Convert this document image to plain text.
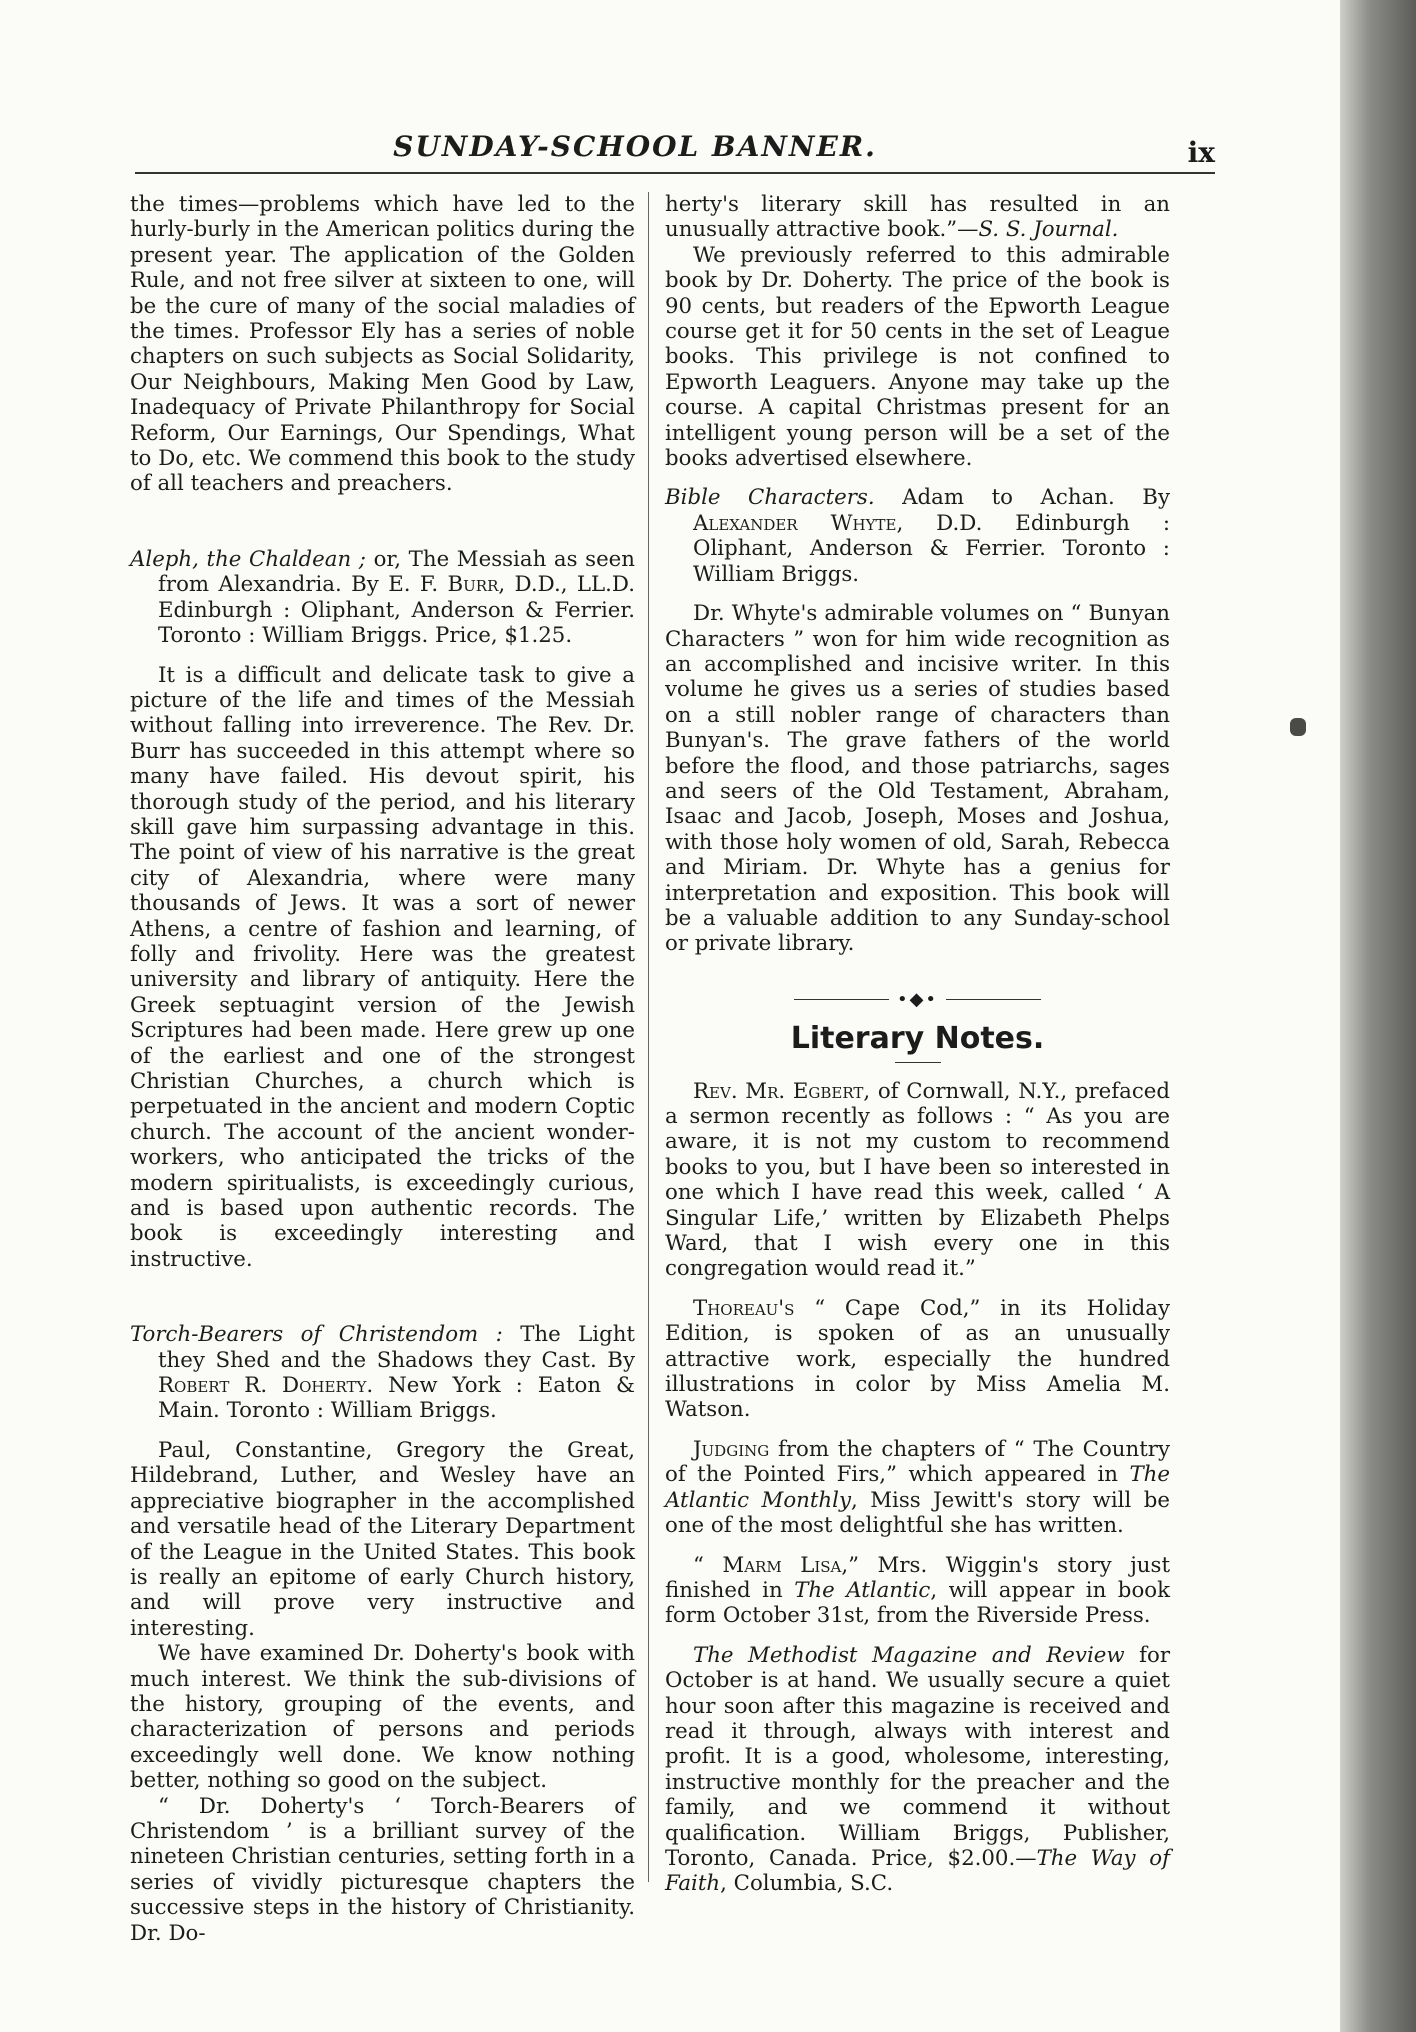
SUNDAY-SCHOOL BANNER.	ix

the times—problems which have led to the hurly-burly in the American politics during the present year. The application of the Golden Rule, and not free silver at sixteen to one, will be the cure of many of the social maladies of the times. Professor Ely has a series of noble chapters on such subjects as Social Solidarity, Our Neighbours, Making Men Good by Law, Inadequacy of Private Philanthropy for Social Reform, Our Earnings, Our Spendings, What to Do, etc. We commend this book to the study of all teachers and preachers.

Aleph, the Chaldean ; or, The Messiah as seen from Alexandria. By E. F. Burr, D.D., LL.D. Edinburgh : Oliphant, Anderson & Ferrier. Toronto : William Briggs. Price, $1.25.

It is a difficult and delicate task to give a picture of the life and times of the Messiah without falling into irreverence. The Rev. Dr. Burr has succeeded in this attempt where so many have failed. His devout spirit, his thorough study of the period, and his literary skill gave him surpassing advantage in this. The point of view of his narrative is the great city of Alexandria, where were many thousands of Jews. It was a sort of newer Athens, a centre of fashion and learning, of folly and frivolity. Here was the greatest university and library of antiquity. Here the Greek septuagint version of the Jewish Scriptures had been made. Here grew up one of the earliest and one of the strongest Christian Churches, a church which is perpetuated in the ancient and modern Coptic church. The account of the ancient wonder-workers, who anticipated the tricks of the modern spiritualists, is exceedingly curious, and is based upon authentic records. The book is exceedingly interesting and instructive.

Torch-Bearers of Christendom : The Light they Shed and the Shadows they Cast. By Robert R. Doherty. New York : Eaton & Main. Toronto : William Briggs.

Paul, Constantine, Gregory the Great, Hildebrand, Luther, and Wesley have an appreciative biographer in the accomplished and versatile head of the Literary Department of the League in the United States. This book is really an epitome of early Church history, and will prove very instructive and interesting.

We have examined Dr. Doherty's book with much interest. We think the sub-divisions of the history, grouping of the events, and characterization of persons and periods exceedingly well done. We know nothing better, nothing so good on the subject.

“ Dr. Doherty's ‘ Torch-Bearers of Christendom ’ is a brilliant survey of the nineteen Christian centuries, setting forth in a series of vividly picturesque chapters the successive steps in the history of Christianity. Dr. Do-

herty's literary skill has resulted in an unusually attractive book.”—S. S. Journal.

We previously referred to this admirable book by Dr. Doherty. The price of the book is 90 cents, but readers of the Epworth League course get it for 50 cents in the set of League books. This privilege is not confined to Epworth Leaguers. Anyone may take up the course. A capital Christmas present for an intelligent young person will be a set of the books advertised elsewhere.

Bible Characters. Adam to Achan. By Alexander Whyte, D.D. Edinburgh : Oliphant, Anderson & Ferrier. Toronto : William Briggs.

Dr. Whyte's admirable volumes on “ Bunyan Characters ” won for him wide recognition as an accomplished and incisive writer. In this volume he gives us a series of studies based on a still nobler range of characters than Bunyan's. The grave fathers of the world before the flood, and those patriarchs, sages and seers of the Old Testament, Abraham, Isaac and Jacob, Joseph, Moses and Joshua, with those holy women of old, Sarah, Rebecca and Miriam. Dr. Whyte has a genius for interpretation and exposition. This book will be a valuable addition to any Sunday-school or private library.

•◆•
Literary Notes.

Rev. Mr. Egbert, of Cornwall, N.Y., prefaced a sermon recently as follows : “ As you are aware, it is not my custom to recommend books to you, but I have been so interested in one which I have read this week, called ‘ A Singular Life,’ written by Elizabeth Phelps Ward, that I wish every one in this congregation would read it.”

Thoreau's “ Cape Cod,” in its Holiday Edition, is spoken of as an unusually attractive work, especially the hundred illustrations in color by Miss Amelia M. Watson.

Judging from the chapters of “ The Country of the Pointed Firs,” which appeared in The Atlantic Monthly, Miss Jewitt's story will be one of the most delightful she has written.

“ Marm Lisa,” Mrs. Wiggin's story just finished in The Atlantic, will appear in book form October 31st, from the Riverside Press.

The Methodist Magazine and Review for October is at hand. We usually secure a quiet hour soon after this magazine is received and read it through, always with interest and profit. It is a good, wholesome, interesting, instructive monthly for the preacher and the family, and we commend it without qualification. William Briggs, Publisher, Toronto, Canada. Price, $2.00.—The Way of Faith, Columbia, S.C.
